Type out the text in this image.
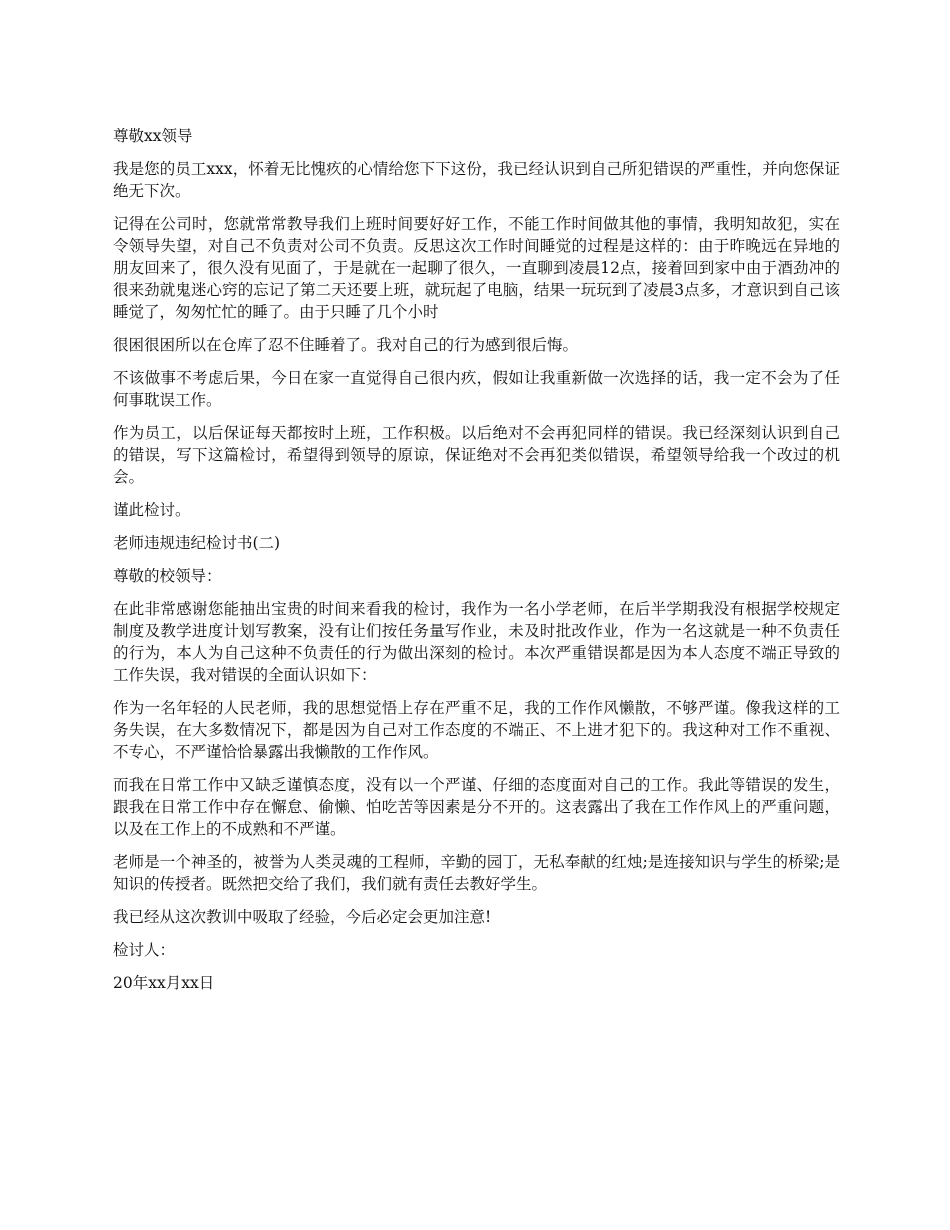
尊敬xx领导

我是您的员工xxx，怀着无比愧疚的心情给您下下这份，我已经认识到自己所犯错误的严重性，并向您保证绝无下次。

记得在公司时，您就常常教导我们上班时间要好好工作，不能工作时间做其他的事情，我明知故犯，实在令领导失望，对自己不负责对公司不负责。反思这次工作时间睡觉的过程是这样的：由于昨晚远在异地的朋友回来了，很久没有见面了，于是就在一起聊了很久，一直聊到凌晨12点，接着回到家中由于酒劲冲的很来劲就鬼迷心窍的忘记了第二天还要上班，就玩起了电脑，结果一玩玩到了凌晨3点多，才意识到自己该睡觉了，匆匆忙忙的睡了。由于只睡了几个小时

很困很困所以在仓库了忍不住睡着了。我对自己的行为感到很后悔。

不该做事不考虑后果，今日在家一直觉得自己很内疚，假如让我重新做一次选择的话，我一定不会为了任何事耽误工作。

作为员工，以后保证每天都按时上班，工作积极。以后绝对不会再犯同样的错误。我已经深刻认识到自己的错误，写下这篇检讨，希望得到领导的原谅，保证绝对不会再犯类似错误，希望领导给我一个改过的机会。

谨此检讨。

老师违规违纪检讨书(二)

尊敬的校领导：

在此非常感谢您能抽出宝贵的时间来看我的检讨，我作为一名小学老师，在后半学期我没有根据学校规定制度及教学进度计划写教案，没有让们按任务量写作业，未及时批改作业，作为一名这就是一种不负责任的行为，本人为自己这种不负责任的行为做出深刻的检讨。本次严重错误都是因为本人态度不端正导致的工作失误，我对错误的全面认识如下：

作为一名年轻的人民老师，我的思想觉悟上存在严重不足，我的工作作风懒散，不够严谨。像我这样的工务失误，在大多数情况下，都是因为自己对工作态度的不端正、不上进才犯下的。我这种对工作不重视、不专心，不严谨恰恰暴露出我懒散的工作作风。

而我在日常工作中又缺乏谨慎态度，没有以一个严谨、仔细的态度面对自己的工作。我此等错误的发生，跟我在日常工作中存在懈怠、偷懒、怕吃苦等因素是分不开的。这表露出了我在工作作风上的严重问题，以及在工作上的不成熟和不严谨。

老师是一个神圣的，被誉为人类灵魂的工程师，辛勤的园丁，无私奉献的红烛;是连接知识与学生的桥梁;是知识的传授者。既然把交给了我们，我们就有责任去教好学生。

我已经从这次教训中吸取了经验，今后必定会更加注意!

检讨人：

20年xx月xx日
